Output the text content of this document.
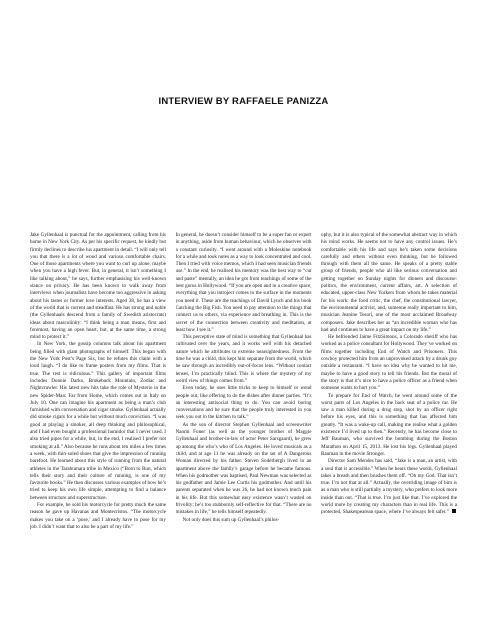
INTERVIEW BY RAFFAELE PANIZZA

Jake Gyllenhaal is punctual for the appointment, calling from his home in New York City. As per his specific request, he kindly but firmly declines to describe his apartment in detail. “I will only tell you that there is a lot of wood and various comfortable chairs. One of those apartments where you want to curl up alone, maybe when you have a high fever. But, in general, it isn’t something I like talking about,” he says, further emphasising his well-known stance on privacy. He has been known to walk away from interviews when journalists have become too aggressive in asking about his tastes or former love interests. Aged 38, he has a view of the world that is current and steadfast. He has strong and noble (the Gyllenhaals descend from a family of Swedish aristocrats) ideas about masculinity: “I think being a man means, first and foremost, having an open heart, but, at the same time, a strong mind to protect it.”

In New York, the gossip columns talk about his apartment being filled with giant photographs of himself. This began with the New York Post’s Page Six, but he refutes this claim with a loud laugh. “I do like to frame posters from my films. That is true. The rest is ridiculous.” This gallery of important films includes Donnie Darko, Brokeback Mountain, Zodiac and Nightcrawler. His latest new hits take the role of Mysterio in the new Spider-Man: Far from Home, which comes out in Italy on July 10. One can imagine his apartment as being a man’s club furnished with conversation and cigar smoke. Gyllenhaal actually did smoke cigars for a while but without much conviction. “I was good at playing a smoker, all deep thinking and philosophical, and I had even bought a professional humidor that I never used. I also tried pipes for a while, but, in the end, I realised I prefer not smoking at all.” Also because he runs about ten miles a few times a week, with thin-soled shoes that give the impression of running barefoot. He learned about this style of running from the natural athletes in the Tarahumara tribe in Mexico (“Born to Run, which tells their story and their culture of running, is one of my favourite books.” He then discusses various examples of how he’s tried to keep his own life simple, attempting to find a balance between structure and superstructure.

For example, he sold his motorcycle for pretty much the same reason he gave up Havanas and Montecristos. “The motorcycle makes you take on a ‘pose,’ and I already have to pose for my job. I didn’t want that to also be a part of my life.”

In general, he doesn’t consider himself to be a super fan or expert in anything, aside from human behaviour, which he observes with a constant curiosity. “I went around with a Moleskine notebook for a while and took notes as a way to look concentrated and cool. Then I tried with voice memos, which I had seen musician friends use.” In the end, he realised his memory was the best way to “cut and paste” mentally, an idea he got from teachings of some of the best gurus in Hollywood. “If you are open and in a creative space, everything that you introject comes to the surface in the moments you need it. These are the teachings of David Lynch and his book Catching the Big Fish. You need to pay attention to the things that connect us to others, via experience and breathing in. This is the secret of the connection between creativity and meditation, at least how I see it.”

This perceptive state of mind is something that Gyllenhaal has cultivated over the years, and it works well with his detached nature which he attributes to extreme nearsightedness. From the time he was a child, this kept him separate from the world, which he saw through an incredibly out-of-focus lens. “Without contact lenses, I’m practically blind. This is where the mystery of my weird view of things comes from.”

Even today, he uses little tricks to keep to himself or wend people out, like offering to do the dishes after dinner parties. “It’s an interesting antisocial thing to do. You can avoid boring conversations and be sure that the people truly interested in you seek you out in the kitchen to talk.”

As the son of director Stephen Gyllenhaal and screenwriter Naomi Foner (as well as the younger brother of Maggie Gyllenhaal and brother-in-law of actor Peter Sarsgaard), he grew up among the who’s who of Los Angeles. He loved musicals as a child, and at age 11 he was already on the set of A Dangerous Woman directed by his father. Steven Soderbergh lived in an apartment above the family’s garage before he became famous. When his godmother was baptised, Paul Newman was selected as his godfather and Jamie Lee Curtis his godmother. And until his parents separated when he was 26, he had not known much pain in his life. But this somewhat easy existence wasn’t wasted on frivolity; he’s too stubbornly self-reflective for that. “There are no mistakes in life,” he tells himself repeatedly.

Not only does this sum up Gyllenhaal’s philos-

ophy, but it is also typical of the somewhat abstract way in which his mind works. He seems not to have any control issues. He’s comfortable with his life and says he’s taken some decisions carefully and others without even thinking, but he followed through with them all the same. He speaks of a pretty stable group of friends, people who all like serious conversation and getting together on Sunday nights for dinners and discourse: politics, the environment, current affairs, art. A selection of educated, upper-class New Yorkers from whom he takes material for his work: the food critic, the chef, the constitutional lawyer, the environmental activist, and, someone really important to him, musician Jeanine Tesori, one of the most acclaimed Broadway composers. Jake describes her as “an incredible woman who has had and continues to have a great impact on my life.”

He befriended Jaime FitzSimons, a Colorado sheriff who has worked as a police consultant for Hollywood. They’ve worked on films together including End of Watch and Prisoners. This cowboy protected him from an unprovoked attack by a drunk guy outside a restaurant. “I have no idea why he wanted to hit me, maybe to have a good story to tell his friends. But the moral of the story is that it’s nice to have a police officer as a friend when someone wants to hurt you.”

To prepare for End of Watch, he went around some of the worst parts of Los Angeles in the back seat of a police car. He saw a man killed during a drug stop, shot by an officer right before his eyes, and this is something that has affected him greatly. “It was a wake-up call, making me realise what a golden existence I’d lived up to then.” Recently, he has become close to Jeff Bauman, who survived the bombing during the Boston Marathon on April 15, 2013. He lost his legs. Gyllenhaal played Bauman in the movie Stronger.

Director Sam Mendes has said, “Jake is a man, an artist, with a soul that is accessible.” When he hears these words, Gyllenhaal takes a breath and then brushes them off. “Oh my God. That isn’t true. I’m not that at all.” Actually, the overriding image of him is as a man who is still partially a mystery, who prefers to look more inside than out. “That is true. I’m just like that. I’ve explored the world more by creating my characters than in real life. This is a protected, Shakespearean space, where I’ve always felt safer.”
